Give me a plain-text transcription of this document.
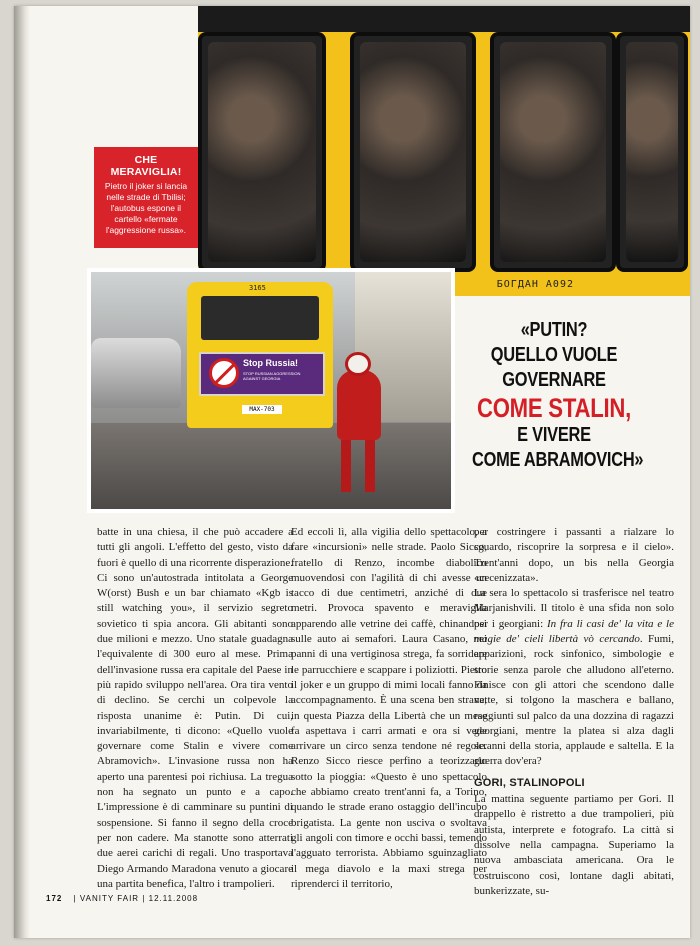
БОГДАН А092
CHE MERAVIGLIA!
Pietro il joker si lancia nelle strade di Tbilisi; l'autobus espone il cartello «fermate l'aggressione russa».
3165
Stop Russia!
STOP RUSSIAN AGGRESSION AGAINST GEORGIA
MAX-703
«PUTIN?
QUELLO VUOLE
GOVERNARE
COME STALIN,
E VIVERE
COME ABRAMOVICH»

batte in una chiesa, il che può accadere a tutti gli angoli. L'effetto del gesto, visto da fuori è quello di una ricorrente disperazione. Ci sono un'autostrada intitolata a George W(orst) Bush e un bar chiamato «Kgb is still watching you», il servizio segreto sovietico ti spia ancora. Gli abitanti sono due milioni e mezzo. Uno statale guadagna l'equivalente di 300 euro al mese. Prima dell'invasione russa era capitale del Paese in più rapido sviluppo nell'area. Ora tira vento di declino. Se cerchi un colpevole la risposta unanime è: Putin. Di cui, invariabilmente, ti dicono: «Quello vuole governare come Stalin e vivere come Abramovich». L'invasione russa non ha aperto una parentesi poi richiusa. La tregua non ha segnato un punto e a capo. L'impressione è di camminare su puntini di sospensione. Si fanno il segno della croce per non cadere. Ma stanotte sono atterrati due aerei carichi di regali. Uno trasportava Diego Armando Maradona venuto a giocare una partita benefica, l'altro i trampolieri.

Ed eccoli lì, alla vigilia dello spettacolo, a fare «incursioni» nelle strade. Paolo Sicco, fratello di Renzo, incombe diabolico muovendosi con l'agilità di chi avesse un tacco di due centimetri, anziché di due metri. Provoca spavento e meraviglia apparendo alle vetrine dei caffè, chinandosi sulle auto ai semafori. Laura Casano, nei panni di una vertiginosa strega, fa sorridere le parrucchiere e scappare i poliziotti. Pietro il joker e un gruppo di mimi locali fanno da accompagnamento. È una scena ben strana, in questa Piazza della Libertà che un mese fa aspettava i carri armati e ora si vede arrivare un circo senza tendone né regole. Renzo Sicco riesce perfino a teorizzarlo sotto la pioggia: «Questo è uno spettacolo che abbiamo creato trent'anni fa, a Torino, quando le strade erano ostaggio dell'incubo brigatista. La gente non usciva o svoltava gli angoli con timore e occhi bassi, temendo l'agguato terrorista. Abbiamo sguinzagliato il mega diavolo e la maxi strega per riprenderci il territorio,

per costringere i passanti a rialzare lo sguardo, riscoprire la sorpresa e il cielo». Trent'anni dopo, un bis nella Georgia «cecenizzata».

La sera lo spettacolo si trasferisce nel teatro Marjanishvili. Il titolo è una sfida non solo per i georgiani: In fra li casi de' la vita e le magie de' cieli libertà vò cercando. Fumi, apparizioni, rock sinfonico, simbologie e storie senza parole che alludono all'eterno. Finisce con gli attori che scendono dalle vette, si tolgono la maschera e ballano, raggiunti sul palco da una dozzina di ragazzi georgiani, mentre la platea si alza dagli scranni della storia, applaude e saltella. E la guerra dov'era?

GORI, STALINOPOLI

La mattina seguente partiamo per Gori. Il drappello è ristretto a due trampolieri, più autista, interprete e fotografo. La città si dissolve nella campagna. Superiamo la nuova ambasciata americana. Ora le costruiscono così, lontane dagli abitati, bunkerizzate, su-

172 | VANITY FAIR | 12.11.2008
